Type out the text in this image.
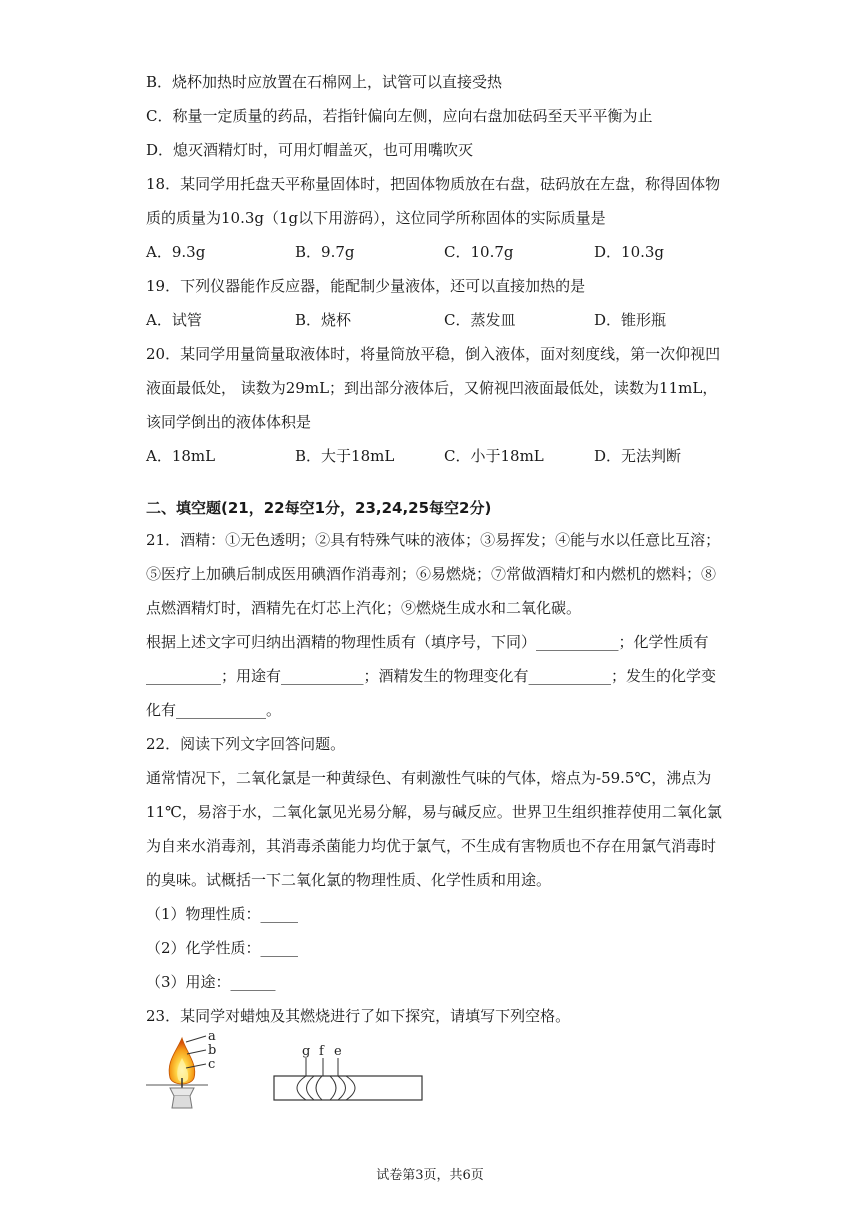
B．烧杯加热时应放置在石棉网上，试管可以直接受热
C．称量一定质量的药品，若指针偏向左侧，应向右盘加砝码至天平平衡为止
D．熄灭酒精灯时，可用灯帽盖灭，也可用嘴吹灭
18．某同学用托盘天平称量固体时，把固体物质放在右盘，砝码放在左盘，称得固体物
质的质量为10.3g（1g以下用游码），这位同学所称固体的实际质量是
A．9.3g	B．9.7g	C．10.7g	D．10.3g
19．下列仪器能作反应器，能配制少量液体，还可以直接加热的是
A．试管	B．烧杯	C．蒸发皿	D．锥形瓶
20．某同学用量筒量取液体时，将量筒放平稳，倒入液体，面对刻度线，第一次仰视凹
液面最低处， 读数为29mL；到出部分液体后，又俯视凹液面最低处，读数为11mL，
该同学倒出的液体体积是
A．18mL	B．大于18mL	C．小于18mL	D．无法判断
二、填空题(21，22每空1分，23,24,25每空2分)
21．酒精：①无色透明；②具有特殊气味的液体；③易挥发；④能与水以任意比互溶；
⑤医疗上加碘后制成医用碘酒作消毒剂；⑥易燃烧；⑦常做酒精灯和内燃机的燃料；⑧
点燃酒精灯时，酒精先在灯芯上汽化；⑨燃烧生成水和二氧化碳。
根据上述文字可归纳出酒精的物理性质有（填序号，下同）___________；化学性质有
__________；用途有___________；酒精发生的物理变化有___________；发生的化学变
化有____________。
22．阅读下列文字回答问题。
通常情况下，二氧化氯是一种黄绿色、有刺激性气味的气体，熔点为-59.5℃，沸点为
11℃，易溶于水，二氧化氯见光易分解，易与碱反应。世界卫生组织推荐使用二氧化氯
为自来水消毒剂，其消毒杀菌能力均优于氯气，不生成有害物质也不存在用氯气消毒时
的臭味。试概括一下二氧化氯的物理性质、化学性质和用途。
（1）物理性质：_____
（2）化学性质：_____
（3）用途：______
23．某同学对蜡烛及其燃烧进行了如下探究，请填写下列空格。
a
b
c
g f e
试卷第3页，共6页
